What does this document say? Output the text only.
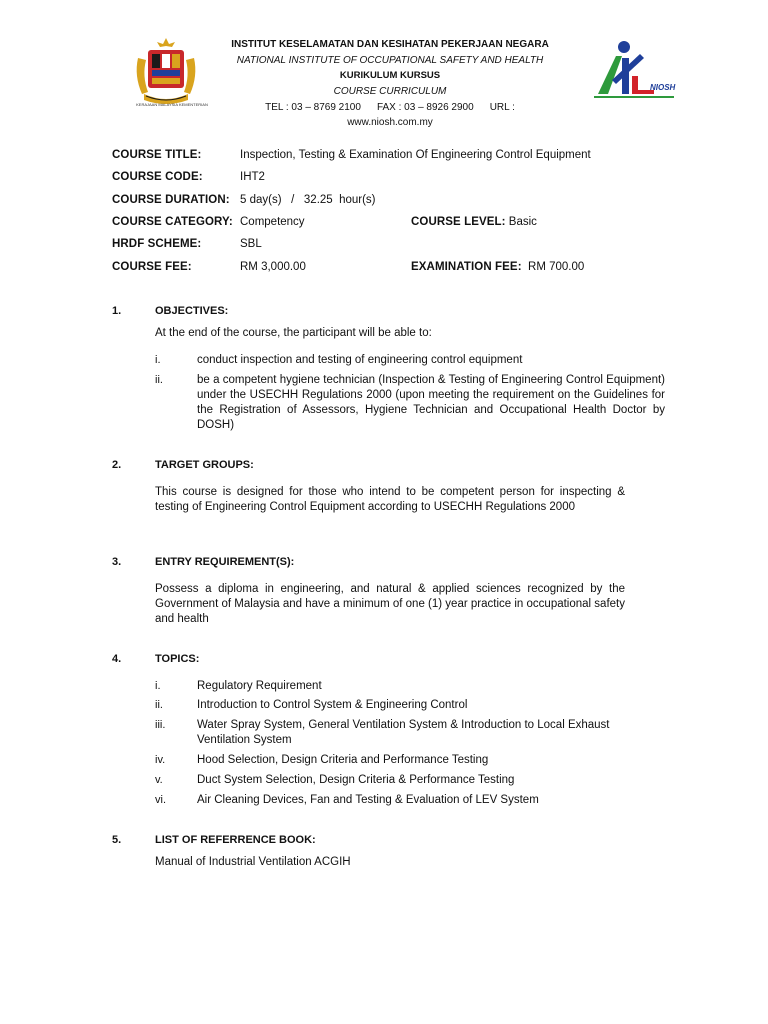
KERAJAAN MALAYSIA KEMENTERIAN
NIOSH
INSTITUT KESELAMATAN DAN KESIHATAN PEKERJAAN NEGARA
NATIONAL INSTITUTE OF OCCUPATIONAL SAFETY AND HEALTH
KURIKULUM KURSUS
COURSE CURRICULUM
TEL : 03 – 8769 2100 FAX : 03 – 8926 2900 URL :
www.niosh.com.my
COURSE TITLE:	Inspection, Testing & Examination Of Engineering Control Equipment
COURSE CODE:	IHT2
COURSE DURATION: 5 day(s)   /   32.25  hour(s)
COURSE CATEGORY: Competency	COURSE LEVEL: Basic
HRDF SCHEME:	SBL
COURSE FEE:	RM 3,000.00	EXAMINATION FEE: RM 700.00
1.	OBJECTIVES:
At the end of the course, the participant will be able to:
i.	conduct inspection and testing of engineering control equipment
ii.	be a competent hygiene technician (Inspection & Testing of Engineering Control Equipment) under the USECHH Regulations 2000 (upon meeting the requirement on the Guidelines for the Registration of Assessors, Hygiene Technician and Occupational Health Doctor by DOSH)
2.	TARGET GROUPS:
This course is designed for those who intend to be competent person for inspecting & testing of Engineering Control Equipment according to USECHH Regulations 2000
3.	ENTRY REQUIREMENT(S):
Possess a diploma in engineering, and natural & applied sciences recognized by the Government of Malaysia and have a minimum of one (1) year practice in occupational safety and health
4.	TOPICS:
i.	Regulatory Requirement
ii.	Introduction to Control System & Engineering Control
iii.	Water Spray System, General Ventilation System & Introduction to Local Exhaust Ventilation System
iv.	Hood Selection, Design Criteria and Performance Testing
v.	Duct System Selection, Design Criteria & Performance Testing
vi.	Air Cleaning Devices, Fan and Testing & Evaluation of LEV System
5.	LIST OF REFERRENCE BOOK:
Manual of Industrial Ventilation ACGIH
